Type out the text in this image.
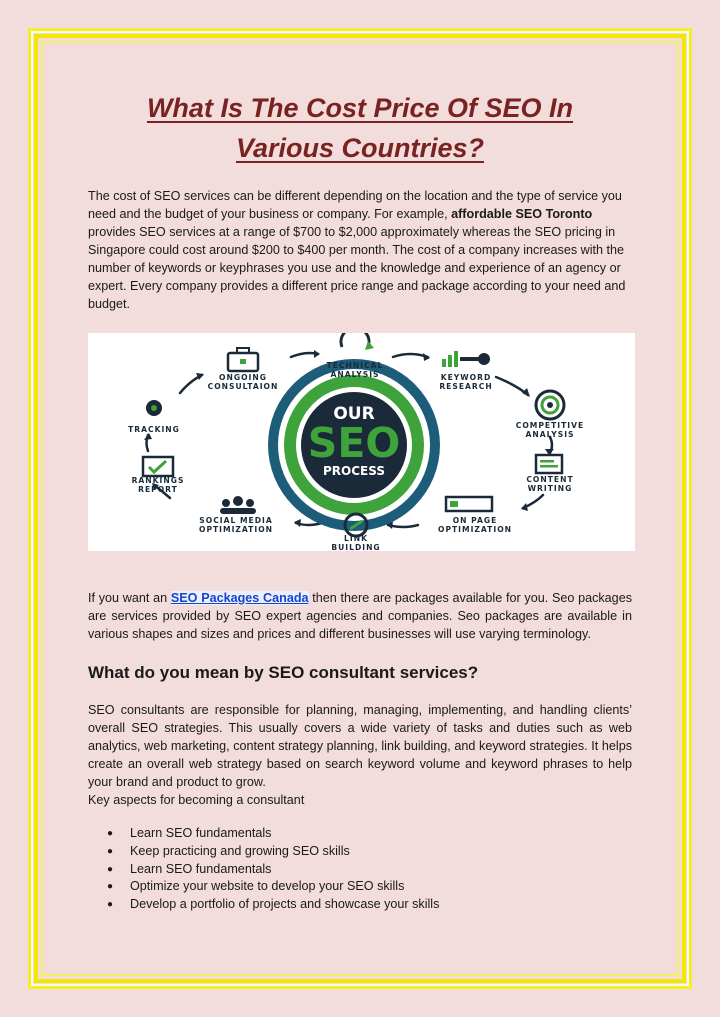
What Is The Cost Price Of SEO In
Various Countries?

The cost of SEO services can be different depending on the location and the type of service you need and the budget of your business or company. For example, affordable SEO Toronto provides SEO services at a range of $700 to $2,000 approximately whereas the SEO pricing in Singapore could cost around $200 to $400 per month. The cost of a company increases with the number of keywords or keyphrases you use and the knowledge and experience of an agency or expert. Every company provides a different price range and package according to your need and budget.

OUR
SEO
PROCESS
TECHNICAL
ANALYSIS	KEYWORD
RESEARCH
COMPETITIVE
ANALYSIS
CONTENT
WRITING
ON PAGE
OPTIMIZATION
LINK
BUILDING
SOCIAL MEDIA
OPTIMIZATION
RANKINGS
REPORT
TRACKING
ONGOING
CONSULTAION

If you want an SEO Packages Canada then there are packages available for you. Seo packages are services provided by SEO expert agencies and companies. Seo packages are available in various shapes and sizes and prices and different businesses will use varying terminology.

What do you mean by SEO consultant services?

SEO consultants are responsible for planning, managing, implementing, and handling clients’ overall SEO strategies. This usually covers a wide variety of tasks and duties such as web analytics, web marketing, content strategy planning, link building, and keyword strategies. It helps create an overall web strategy based on search keyword volume and keyword phrases to help your brand and product to grow.
Key aspects for becoming a consultant

● Learn SEO fundamentals
● Keep practicing and growing SEO skills
● Learn SEO fundamentals
● Optimize your website to develop your SEO skills
● Develop a portfolio of projects and showcase your skills
